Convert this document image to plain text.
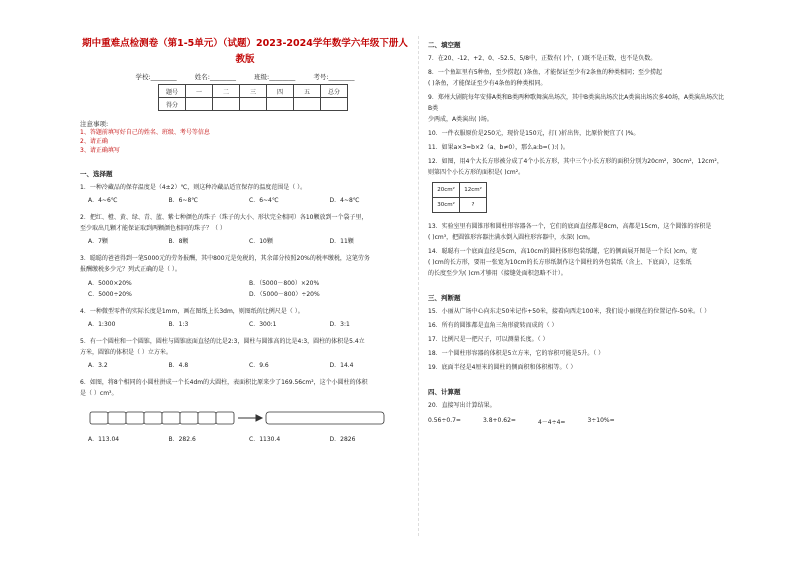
期中重难点检测卷（第1-5单元）（试题）2023-2024学年数学六年级下册人
教版
学校:________	姓名:________	班级:________	考号:________
题号	一	二	三	四	五	总分
得分						
注意事项:
1、答题前填写好自己的姓名、班级、考号等信息
2、请正确
3、请正确填写
一、选择题
1．一种冷藏品的保存温度是（4±2）℃，则这种冷藏品适宜保存的温度范围是（ ）。
A．4~6℃	B．6~8℃	C．6~4℃	D．4~8℃
2．把红、橙、黄、绿、青、蓝、紫七种颜色的珠子（珠子的大小、形状完全相同）各10颗放到一个袋子里，
至少取出几颗才能保证取到两颗颜色相同的珠子？（ ）
A．7颗	B．8颗	C．10颗	D．11颗
3．聪聪的爸爸得到一笔5000元的劳务报酬，其中800元是免税的，其余部分按照20%的税率缴税，这笔劳务
报酬缴税多少元？列式正确的是（ ）。
A．5000×20%	B．（5000－800）×20%
C．5000÷20%	D．（5000－800）÷20%
4．一种微型零件的实际长度是1mm，画在图纸上长3dm，则图纸的比例尺是（ ）。
A．1:300	B．1:3	C．300:1	D．3:1
5．有一个圆柱和一个圆锥，圆柱与圆锥底面直径的比是2:3，圆柱与圆锥高的比是4:3，圆柱的体积是5.4立
方米，圆锥的体积是（ ）立方米。
A．3.2	B．4.8	C．9.6	D．14.4
6．如图，将8个相同的小圆柱拼成一个长4dm的大圆柱，表面积比原来少了169.56cm²，这个小圆柱的体积
是（ ）cm³。
A．113.04	B．282.6	C．1130.4	D．2826
二、填空题
7．在20、-12、+2、0、-52.5、5/8中，正数有( )个，( )既不是正数，也不是负数。
8．一个鱼缸里有5种鱼，至少捞起( )条鱼，才能保证至少有2条鱼的种类相同；至少捞起
( )条鱼，才能保证至少有4条鱼的种类相同。
9．郑州大剧院每年安排A类和B类两种歌舞演出场次，其中B类演出场次比A类演出场次多40场，A类演出场次比B类
少两成，A类演出( )场。
10．一件衣服原价是250元，现价是150元，打( )折出售，比原价便宜了( )%。
11．如果a×3=b×2（a、b≠0），那么a:b=( ):( )。
12．如图，用4个大长方形被分成了4个小长方形，其中三个小长方形的面积分别为20cm²，30cm²，12cm²，
则第四个小长方形的面积是( )cm²。
20cm²	12cm²
30cm²	?
13．实验室里有圆锥形和圆柱形容器各一个，它们的底面直径都是8cm，高都是15cm，这个圆锥的容积是
( )cm³，把圆锥形容器注满水倒入圆柱形容器中，水深( )cm。
14．聪聪有一个底面直径是5cm，高10cm的圆柱体形包装纸罐，它的侧面展开图是一个长( )cm，宽
( )cm的长方形，要用一张宽为10cm的长方形纸制作这个圆柱的外包装纸（含上、下底面），这张纸
的长度至少为( )cm才够用（接缝处面积忽略不计）。
三、判断题
15．小丽从广场中心向东走50米记作+50米，接着向西走100米，我们说小丽现在的位置记作-50米。（ ）
16．所有的圆锥都是直角三角形旋转而成的（ ）
17．比例尺是一把尺子，可以测量长度。（ ）
18．一个圆柱形容器的体积是5立方米，它的容积可能是5升。（ ）
19．底面半径是4厘米的圆柱的侧面积和体积相等。（ ）
四、计算题
20．直接写出计算结果。
0.56÷0.7=	3.8+0.62=	4－4÷4=	3÷10%=
